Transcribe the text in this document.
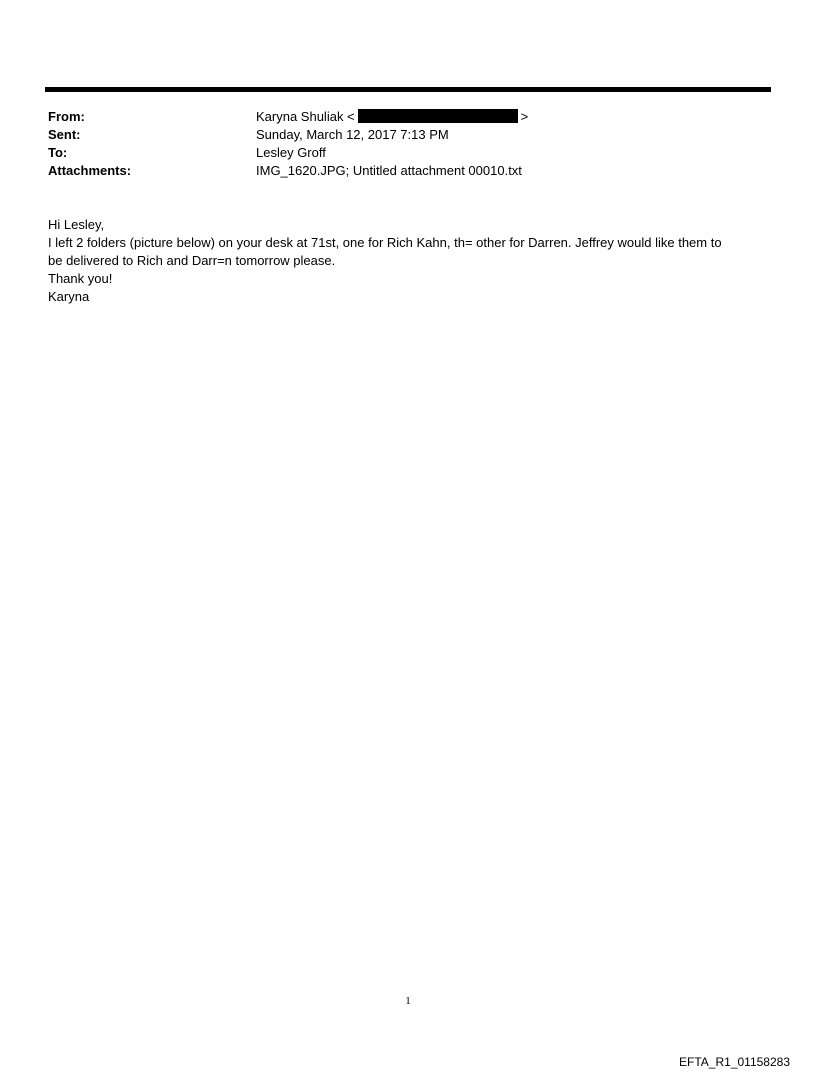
From:	Karyna Shuliak <	>
Sent:	Sunday, March 12, 2017 7:13 PM
To:	Lesley Groff
Attachments:	IMG_1620.JPG; Untitled attachment 00010.txt
Hi Lesley,
I left 2 folders (picture below) on your desk at 71st, one for Rich Kahn, th= other for Darren. Jeffrey would like them to
be delivered to Rich and Darr=n tomorrow please.
Thank you!
Karyna
1
EFTA_R1_01158283
